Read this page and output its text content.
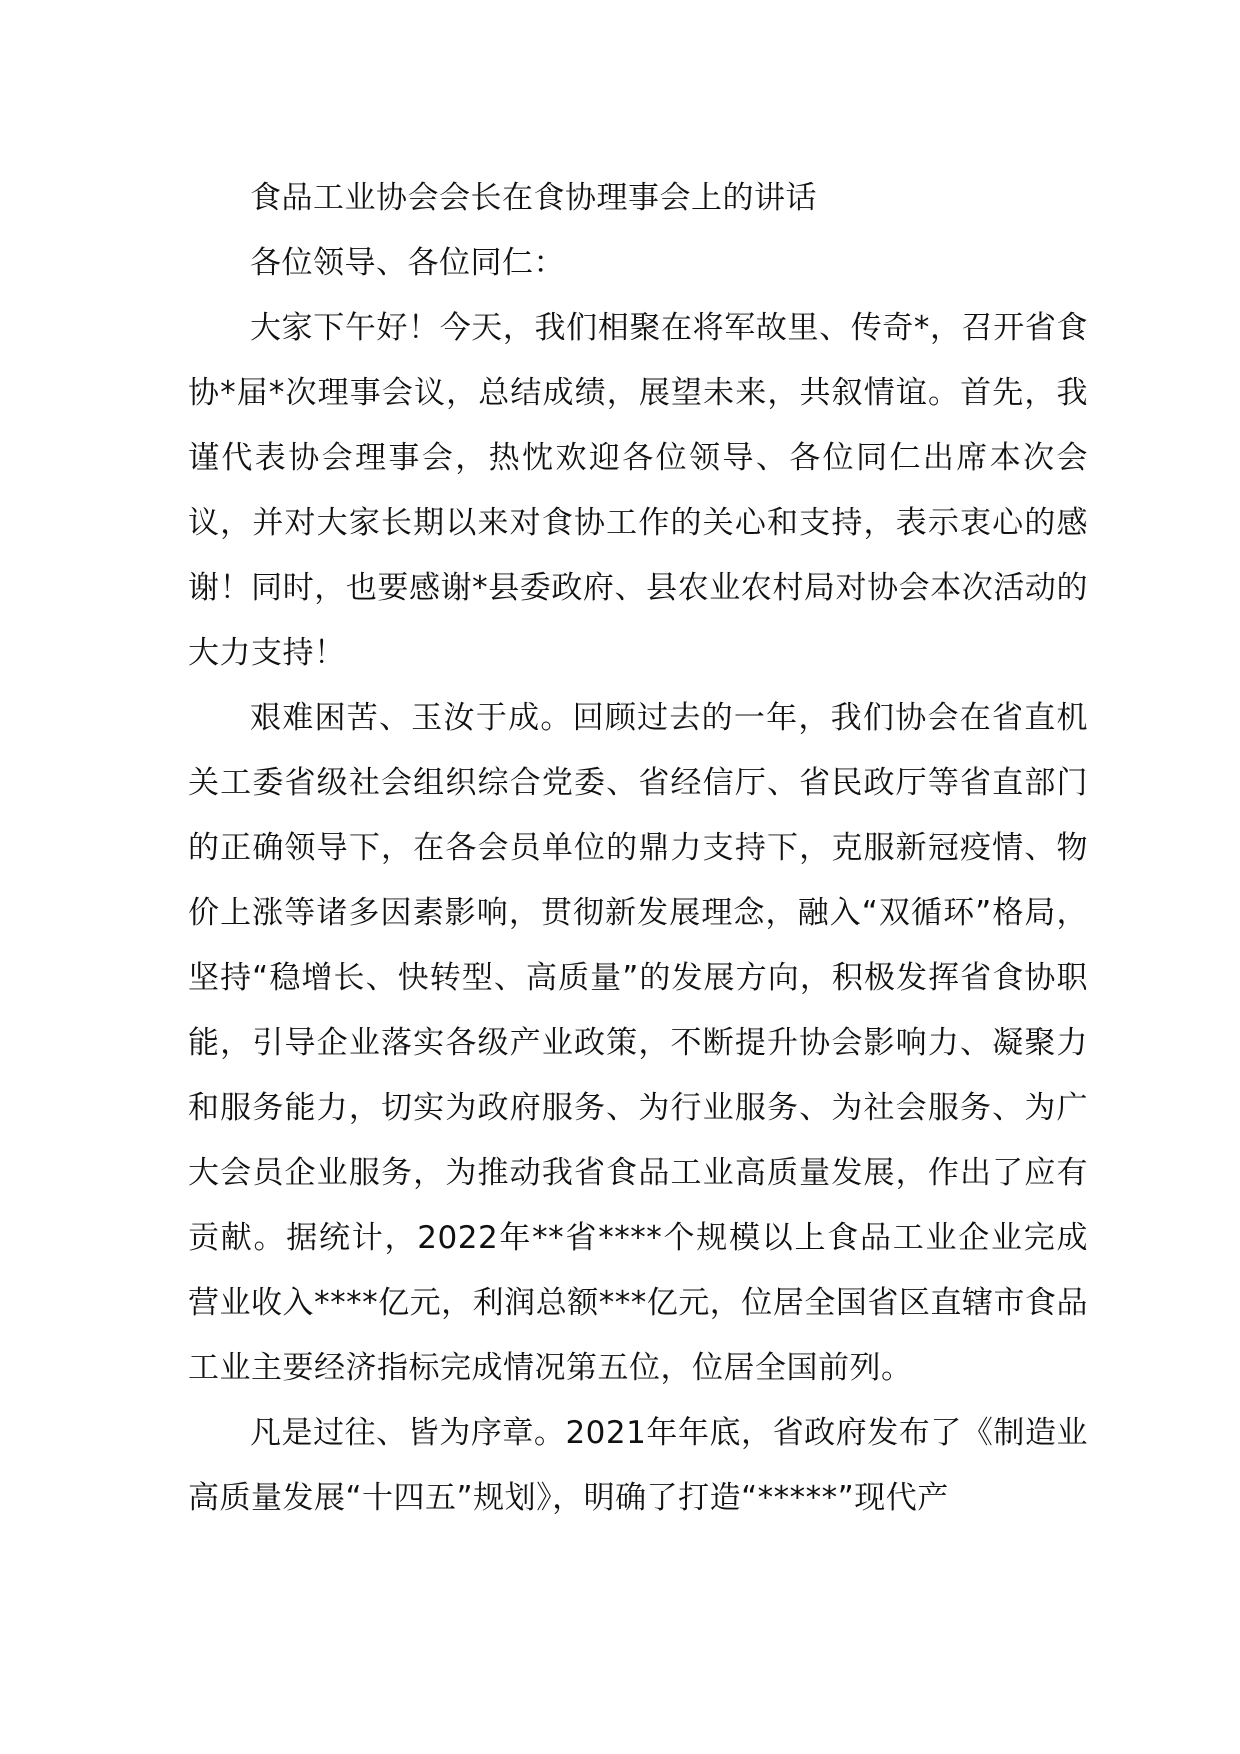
食品工业协会会长在食协理事会上的讲话

各位领导、各位同仁：

大家下午好！今天，我们相聚在将军故里、传奇*，召开省食协*届*次理事会议，总结成绩，展望未来，共叙情谊。首先，我谨代表协会理事会，热忱欢迎各位领导、各位同仁出席本次会议，并对大家长期以来对食协工作的关心和支持，表示衷心的感谢！同时，也要感谢*县委政府、县农业农村局对协会本次活动的大力支持！

艰难困苦、玉汝于成。回顾过去的一年，我们协会在省直机关工委省级社会组织综合党委、省经信厅、省民政厅等省直部门的正确领导下，在各会员单位的鼎力支持下，克服新冠疫情、物价上涨等诸多因素影响，贯彻新发展理念，融入“双循环”格局，坚持“稳增长、快转型、高质量”的发展方向，积极发挥省食协职能，引导企业落实各级产业政策，不断提升协会影响力、凝聚力和服务能力，切实为政府服务、为行业服务、为社会服务、为广大会员企业服务，为推动我省食品工业高质量发展，作出了应有贡献。据统计，2022年**省****个规模以上食品工业企业完成营业收入****亿元，利润总额***亿元，位居全国省区直辖市食品工业主要经济指标完成情况第五位，位居全国前列。

凡是过往、皆为序章。2021年年底，省政府发布了《制造业高质量发展“十四五”规划》，明确了打造“*****”现代产
